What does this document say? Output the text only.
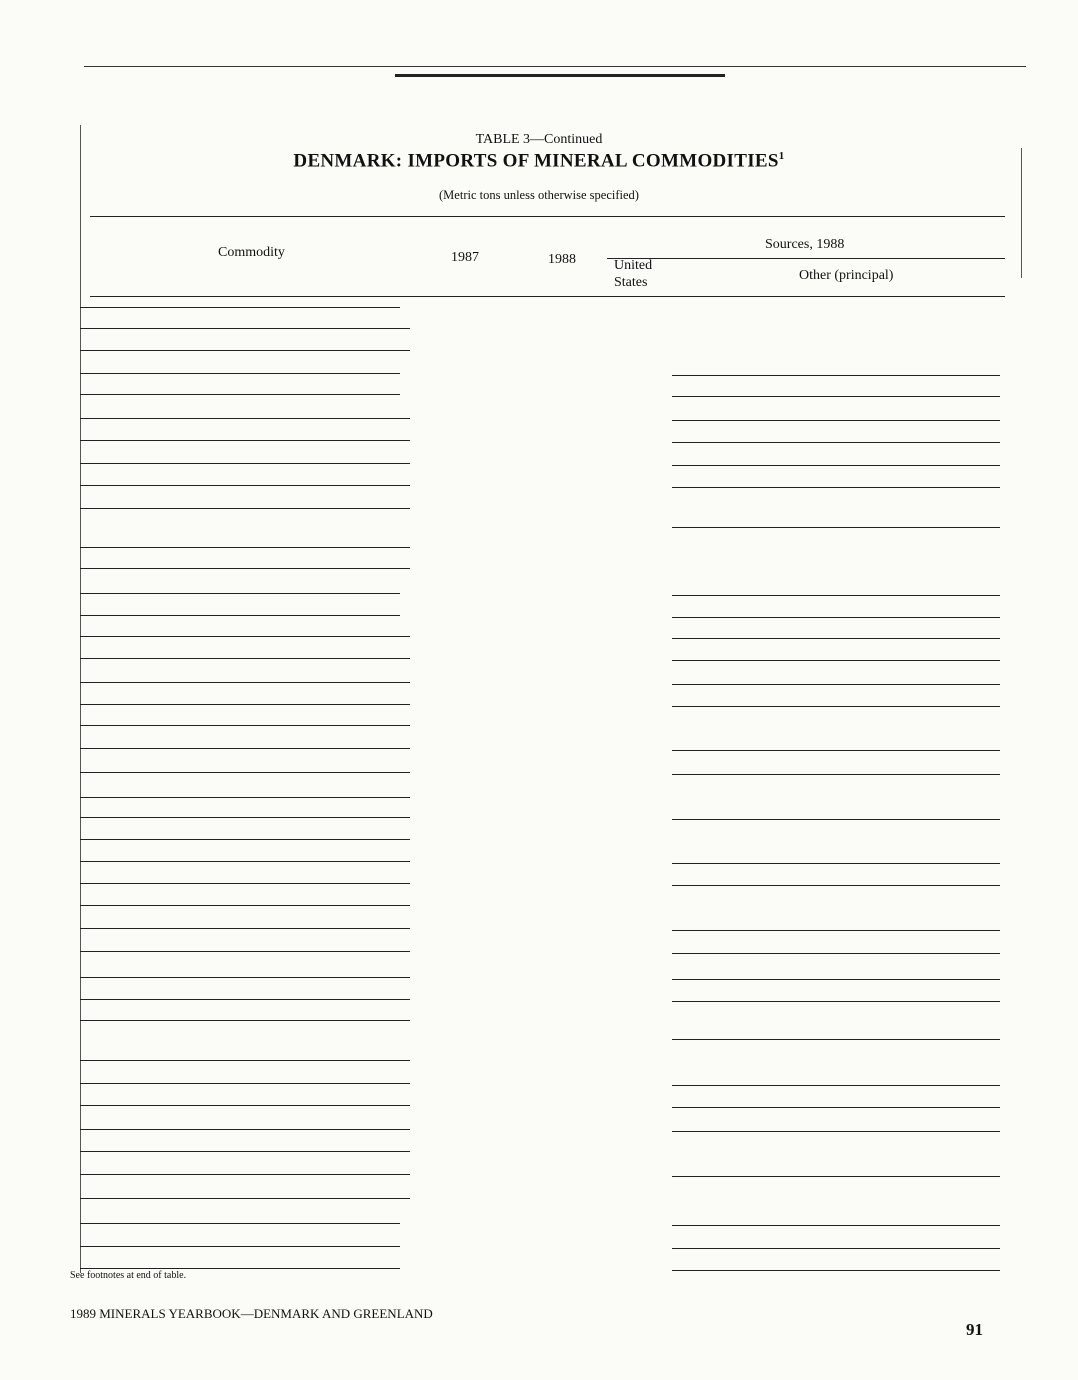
TABLE 3—Continued
DENMARK: IMPORTS OF MINERAL COMMODITIES$^1$
(Metric tons unless otherwise specified)
Commodity	1987	1988
Sources, 1988
United States	Other (principal)
See footnotes at end of table.
1989 MINERALS YEARBOOK—DENMARK AND GREENLAND
91
